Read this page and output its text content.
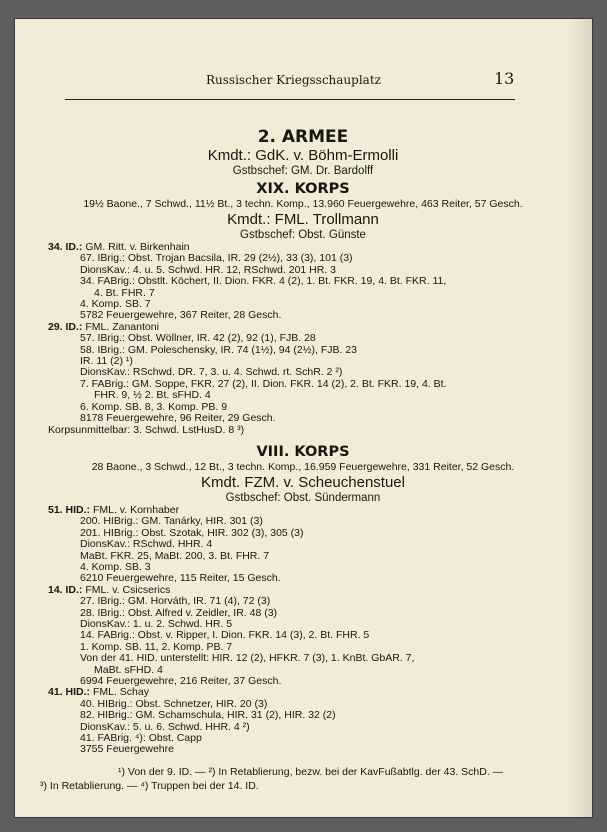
Russischer Kriegsschauplatz	13
2. ARMEE
Kmdt.: GdK. v. Böhm-Ermolli
Gstbschef: GM. Dr. Bardolff
XIX. KORPS
19½ Baone., 7 Schwd., 11½ Bt., 3 techn. Komp., 13.960 Feuergewehre, 463 Reiter, 57 Gesch.
Kmdt.: FML. Trollmann
Gstbschef: Obst. Günste
34. ID.: GM. Ritt. v. Birkenhain
67. IBrig.: Obst. Trojan Bacsila, IR. 29 (2½), 33 (3), 101 (3)
DionsKav.: 4. u. 5. Schwd. HR. 12, RSchwd. 201 HR. 3
34. FABrig.: Obstlt. Köchert, II. Dion. FKR. 4 (2), 1. Bt. FKR. 19, 4. Bt. FKR. 11,
4. Bt. FHR. 7
4. Komp. SB. 7
5782 Feuergewehre, 367 Reiter, 28 Gesch.
29. ID.: FML. Zanantoni
57. IBrig.: Obst. Wöllner, IR. 42 (2), 92 (1), FJB. 28
58. IBrig.: GM. Poleschensky, IR. 74 (1½), 94 (2½), FJB. 23
IR. 11 (2) ¹)
DionsKav.: RSchwd. DR. 7, 3. u. 4. Schwd. rt. SchR. 2 ²)
7. FABrig.: GM. Soppe, FKR. 27 (2), II. Dion. FKR. 14 (2), 2. Bt. FKR. 19, 4. Bt.
FHR. 9, ½ 2. Bt. sFHD. 4
6. Komp. SB. 8, 3. Komp. PB. 9
8178 Feuergewehre, 96 Reiter, 29 Gesch.
Korpsunmittelbar: 3. Schwd. LstHusD. 8 ³)
VIII. KORPS
28 Baone., 3 Schwd., 12 Bt., 3 techn. Komp., 16.959 Feuergewehre, 331 Reiter, 52 Gesch.
Kmdt. FZM. v. Scheuchenstuel
Gstbschef: Obst. Sündermann
51. HID.: FML. v. Kornhaber
200. HIBrig.: GM. Tanárky, HIR. 301 (3)
201. HIBrig.: Obst. Szotak, HIR. 302 (3), 305 (3)
DionsKav.: RSchwd. HHR. 4
MaBt. FKR. 25, MaBt. 200, 3. Bt. FHR. 7
4. Komp. SB. 3
6210 Feuergewehre, 115 Reiter, 15 Gesch.
14. ID.: FML. v. Csicserics
27. IBrig.: GM. Horváth, IR. 71 (4), 72 (3)
28. IBrig.: Obst. Alfred v. Zeidler, IR. 48 (3)
DionsKav.: 1. u. 2. Schwd. HR. 5
14. FABrig.: Obst. v. Ripper, I. Dion. FKR. 14 (3), 2. Bt. FHR. 5
1. Komp. SB. 11, 2. Komp. PB. 7
Von der 41. HID. unterstellt: HIR. 12 (2), HFKR. 7 (3), 1. KnBt. GbAR. 7,
MaBt. sFHD. 4
6994 Feuergewehre, 216 Reiter, 37 Gesch.
41. HID.: FML. Schay
40. HIBrig.: Obst. Schnetzer, HIR. 20 (3)
82. HIBrig.: GM. Schamschula, HIR. 31 (2), HIR. 32 (2)
DionsKav.: 5. u. 6. Schwd. HHR. 4 ²)
41. FABrig. ⁴): Obst. Capp
3755 Feuergewehre
¹) Von der 9. ID. — ²) In Retablierung, bezw. bei der KavFußabtlg. der 43. SchD. —
³) In Retablierung. — ⁴) Truppen bei der 14. ID.
